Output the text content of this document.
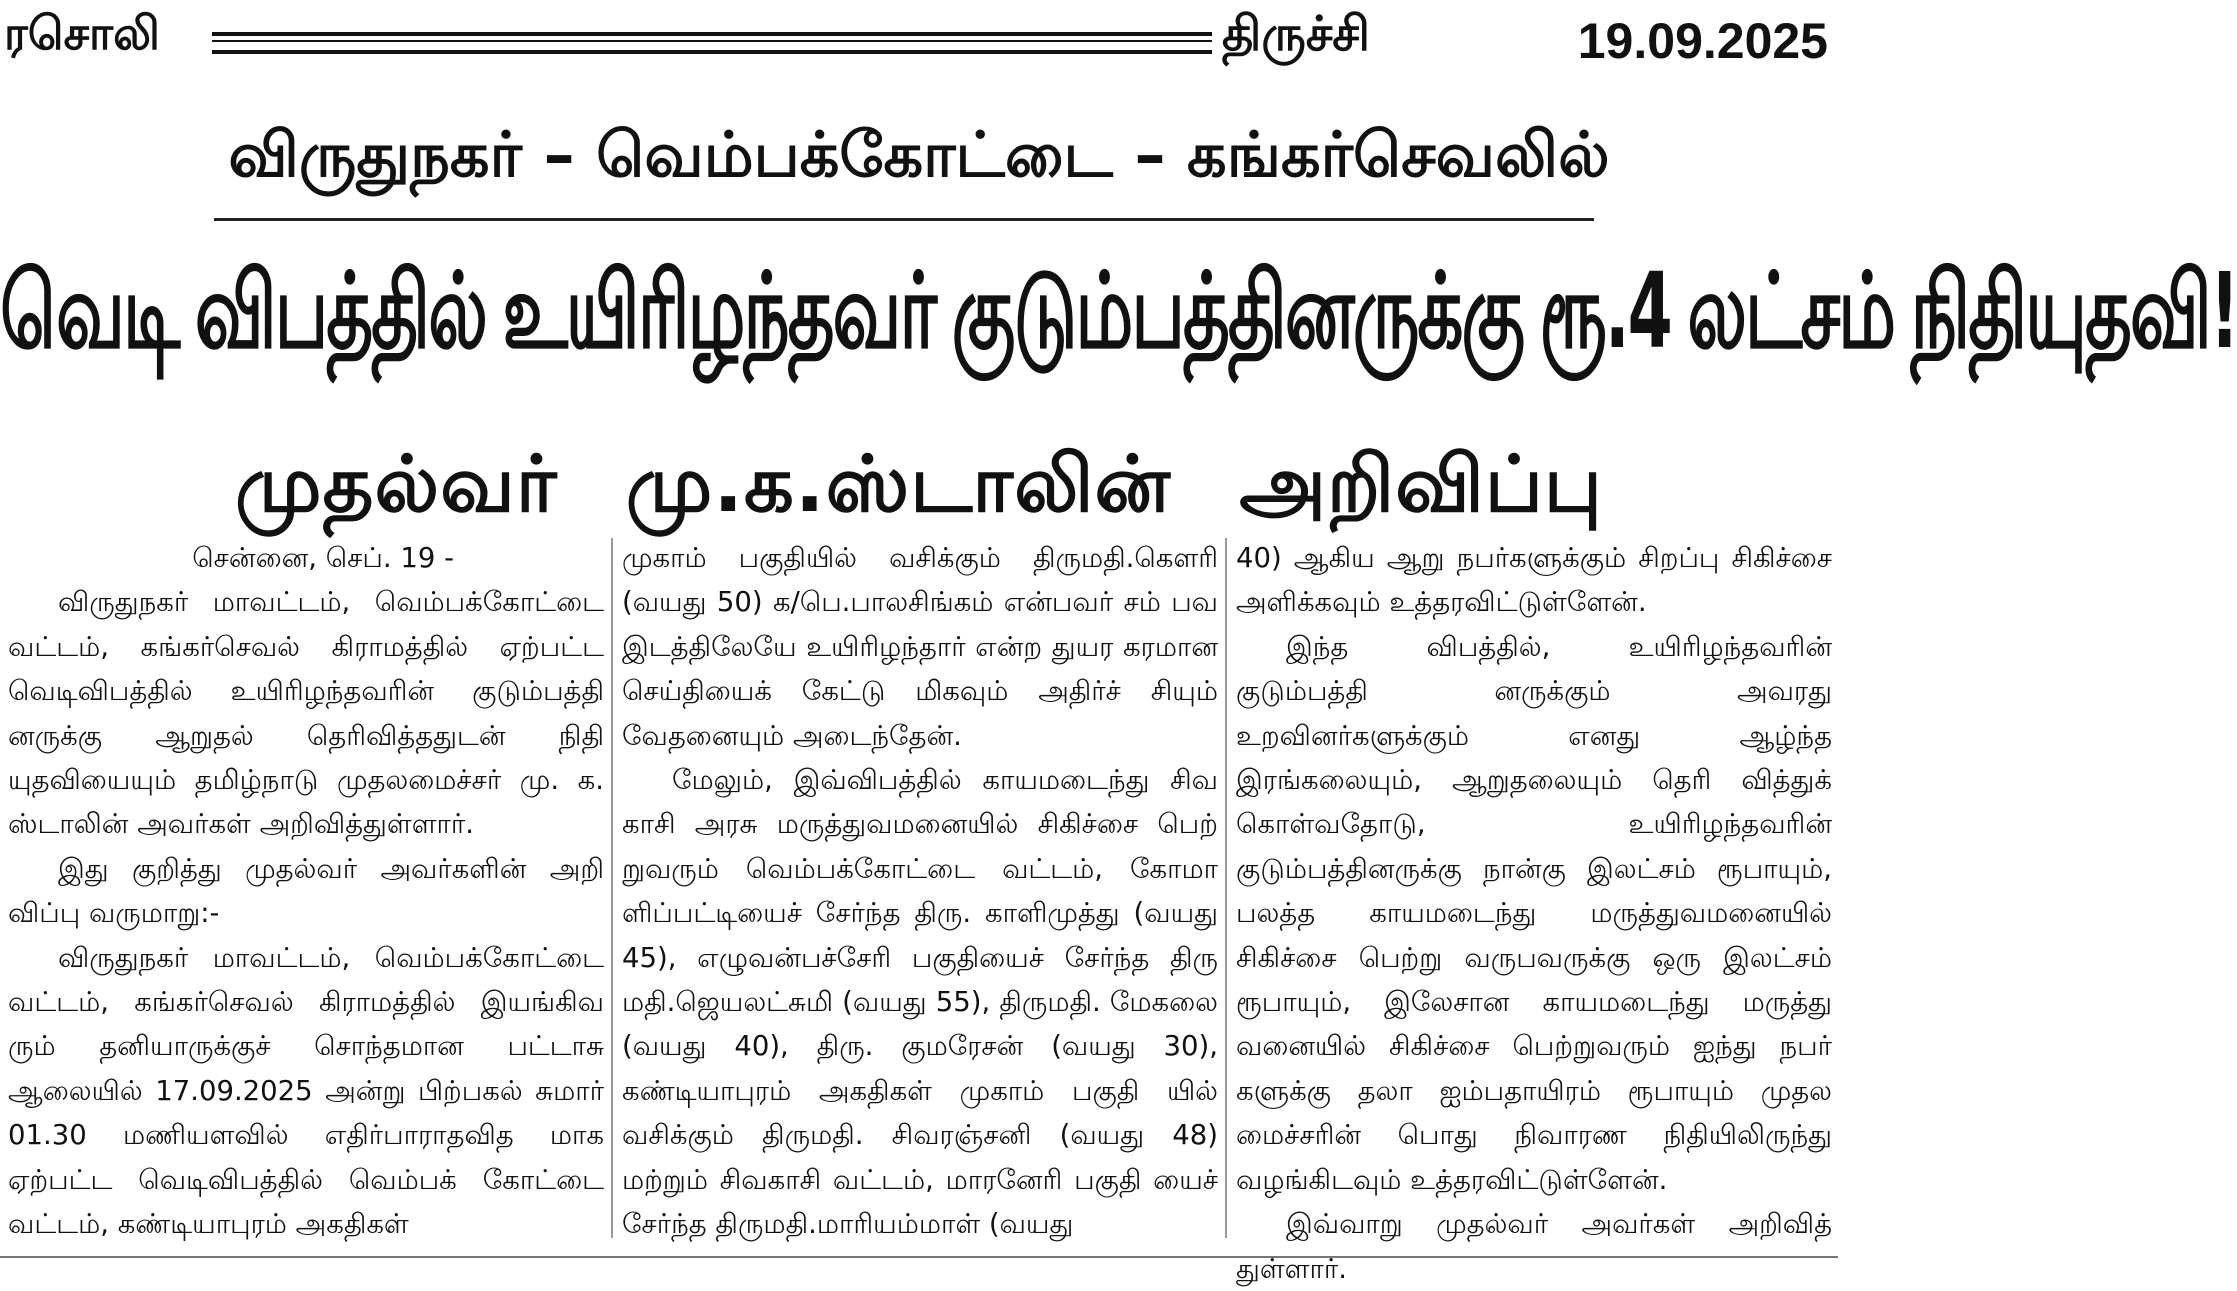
ரசொலி	திருச்சி	19.09.2025
விருதுநகர் – வெம்பக்கோட்டை – கங்கர்செவலில்
வெடி விபத்தில் உயிரிழந்தவர் குடும்பத்தினருக்கு ரூ.4 லட்சம் நிதியுதவி!
முதல்வர் மு.க.ஸ்டாலின் அறிவிப்பு

சென்னை, செப். 19 -

விருதுநகர் மாவட்டம், வெம்பக்கோட்டை வட்டம், கங்கர்செவல் கிராமத்தில் ஏற்பட்ட வெடிவிபத்தில் உயிரிழந்தவரின் குடும்பத்தி னருக்கு ஆறுதல் தெரிவித்ததுடன் நிதி யுதவியையும் தமிழ்நாடு முதலமைச்சர் மு. க. ஸ்டாலின் அவர்கள் அறிவித்துள்ளார்.

இது குறித்து முதல்வர் அவர்களின் அறி விப்பு வருமாறு:-

விருதுநகர் மாவட்டம், வெம்பக்கோட்டை வட்டம், கங்கர்செவல் கிராமத்தில் இயங்கிவ ரும் தனியாருக்குச் சொந்தமான பட்டாசு ஆலையில் 17.09.2025 அன்று பிற்பகல் சுமார் 01.30 மணியளவில் எதிர்பாராதவித மாக ஏற்பட்ட வெடிவிபத்தில் வெம்பக் கோட்டை வட்டம், கண்டியாபுரம் அகதிகள்

முகாம் பகுதியில் வசிக்கும் திருமதி.கௌரி (வயது 50) க/பெ.பாலசிங்கம் என்பவர் சம் பவ இடத்திலேயே உயிரிழந்தார் என்ற துயர கரமான செய்தியைக் கேட்டு மிகவும் அதிர்ச் சியும் வேதனையும் அடைந்தேன்.

மேலும், இவ்விபத்தில் காயமடைந்து சிவ காசி அரசு மருத்துவமனையில் சிகிச்சை பெற் றுவரும் வெம்பக்கோட்டை வட்டம், கோமா ளிப்பட்டியைச் சேர்ந்த திரு. காளிமுத்து (வயது 45), எழுவன்பச்சேரி பகுதியைச் சேர்ந்த திரு மதி.ஜெயலட்சுமி (வயது 55), திருமதி. மேகலை (வயது 40), திரு. குமரேசன் (வயது 30), கண்டியாபுரம் அகதிகள் முகாம் பகுதி யில் வசிக்கும் திருமதி. சிவரஞ்சனி (வயது 48) மற்றும் சிவகாசி வட்டம், மாரனேரி பகுதி யைச் சேர்ந்த திருமதி.மாரியம்மாள் (வயது

40) ஆகிய ஆறு நபர்களுக்கும் சிறப்பு சிகிச்சை அளிக்கவும் உத்தரவிட்டுள்ளேன்.

இந்த விபத்தில், உயிரிழந்தவரின் குடும்பத்தி னருக்கும் அவரது உறவினர்களுக்கும் எனது ஆழ்ந்த இரங்கலையும், ஆறுதலையும் தெரி வித்துக் கொள்வதோடு, உயிரிழந்தவரின் குடும்பத்தினருக்கு நான்கு இலட்சம் ரூபாயும், பலத்த காயமடைந்து மருத்துவமனையில் சிகிச்சை பெற்று வருபவருக்கு ஒரு இலட்சம் ரூபாயும், இலேசான காயமடைந்து மருத்து வனையில் சிகிச்சை பெற்றுவரும் ஐந்து நபர் களுக்கு தலா ஐம்பதாயிரம் ரூபாயும் முதல மைச்சரின் பொது நிவாரண நிதியிலிருந்து வழங்கிடவும் உத்தரவிட்டுள்ளேன்.

இவ்வாறு முதல்வர் அவர்கள் அறிவித் துள்ளார்.
